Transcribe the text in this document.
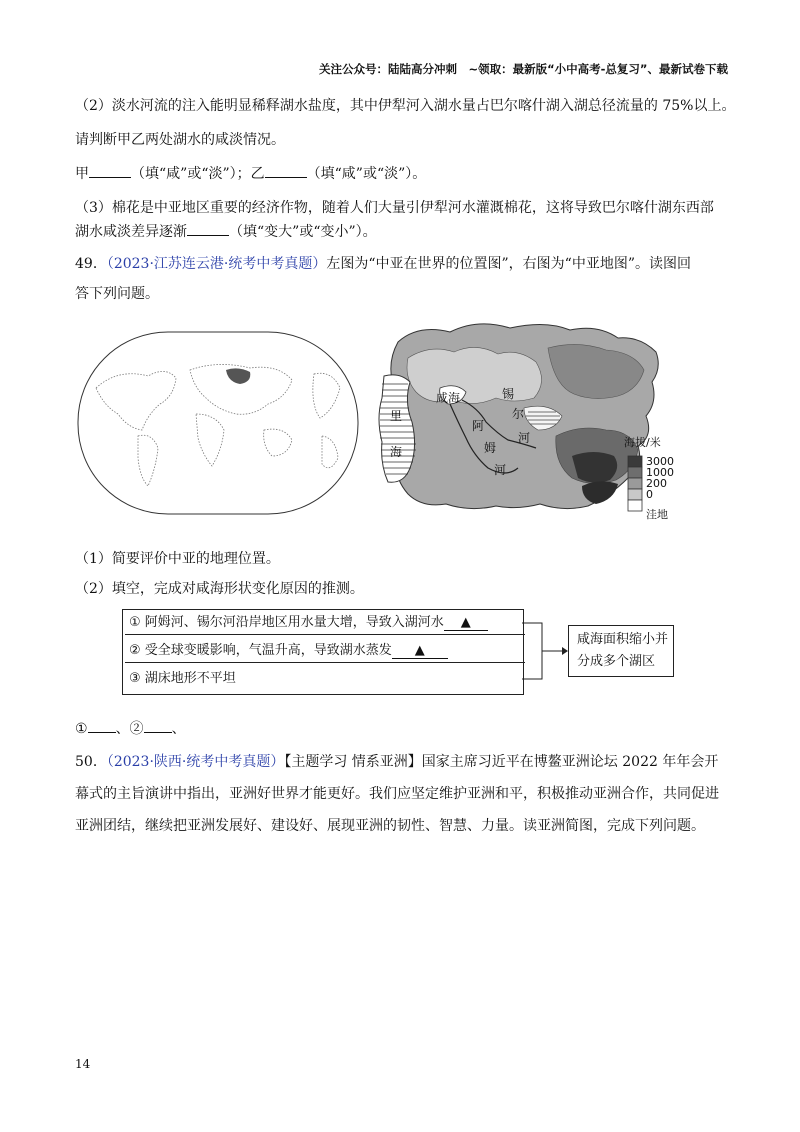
关注公众号：陆陆高分冲刺　~领取：最新版“小中高考-总复习”、最新试卷下载
（2）淡水河流的注入能明显稀释湖水盐度，其中伊犁河入湖水量占巴尔喀什湖入湖总径流量的 75%以上。
请判断甲乙两处湖水的咸淡情况。
甲	（填“咸”或“淡”）；乙	（填“咸”或“淡”）。
（3）棉花是中亚地区重要的经济作物，随着人们大量引伊犁河水灌溉棉花，这将导致巴尔喀什湖东西部
湖水咸淡差异逐渐	（填“变大”或“变小”）。
49．（2023·江苏连云港·统考中考真题）左图为“中亚在世界的位置图”，右图为“中亚地图”。读图回
答下列问题。
里
海
咸海	锡
尔
河
阿
姆
河
海拔/米
3000
1000
200
0
洼地
（1）简要评价中亚的地理位置。
（2）填空，完成对咸海形状变化原因的推测。
① 阿姆河、锡尔河沿岸地区用水量大增，导致入湖河水 ▲
② 受全球变暖影响，气温升高，导致湖水蒸发 ▲
③ 湖床地形不平坦
咸海面积缩小并
分成多个湖区
① 、② 、
50．（2023·陕西·统考中考真题）【主题学习 情系亚洲】国家主席习近平在博鳌亚洲论坛 2022 年年会开
幕式的主旨演讲中指出，亚洲好世界才能更好。我们应坚定维护亚洲和平，积极推动亚洲合作，共同促进
亚洲团结，继续把亚洲发展好、建设好、展现亚洲的韧性、智慧、力量。读亚洲简图，完成下列问题。
14
